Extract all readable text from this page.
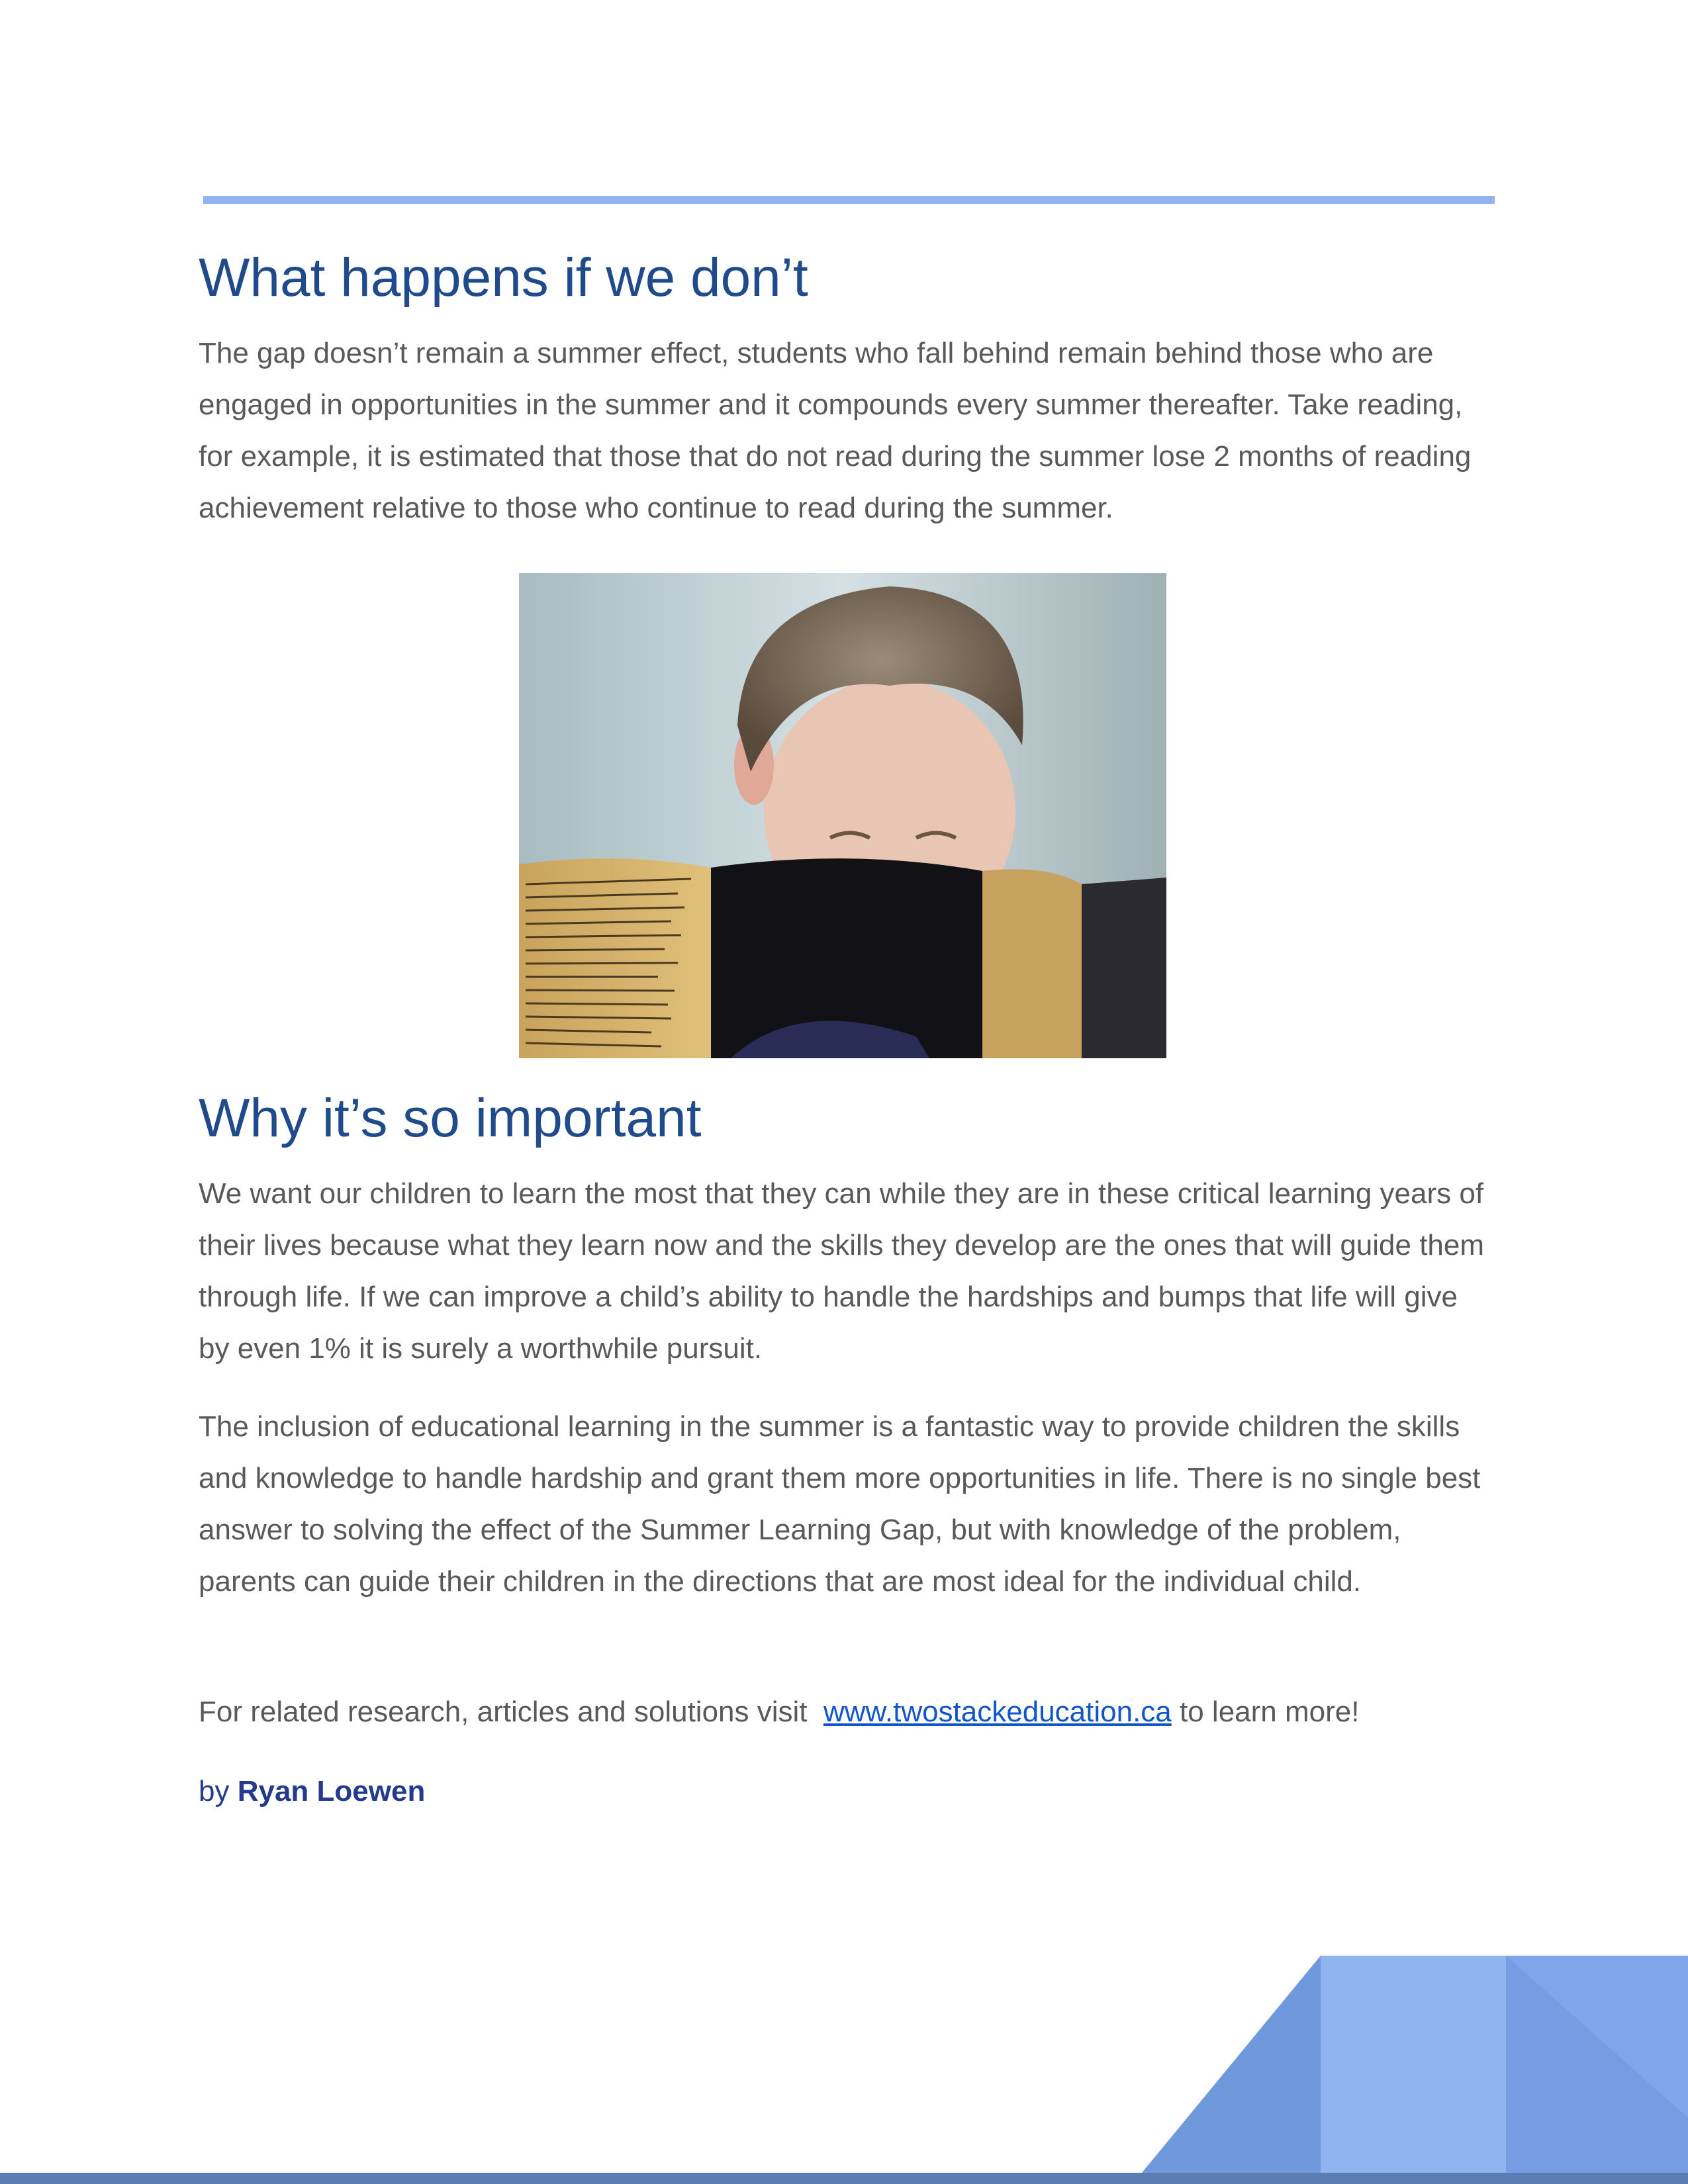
What happens if we don’t

The gap doesn’t remain a summer effect, students who fall behind remain behind those who are engaged in opportunities in the summer and it compounds every summer thereafter. Take reading, for example, it is estimated that those that do not read during the summer lose 2 months of reading achievement relative to those who continue to read during the summer.

Why it’s so important

We want our children to learn the most that they can while they are in these critical learning years of their lives because what they learn now and the skills they develop are the ones that will guide them through life. If we can improve a child’s ability to handle the hardships and bumps that life will give by even 1% it is surely a worthwhile pursuit.

The inclusion of educational learning in the summer is a fantastic way to provide children the skills and knowledge to handle hardship and grant them more opportunities in life. There is no single best answer to solving the effect of the Summer Learning Gap, but with knowledge of the problem, parents can guide their children in the directions that are most ideal for the individual child.

For related research, articles and solutions visit www.twostackeducation.ca to learn more!

by Ryan Loewen
